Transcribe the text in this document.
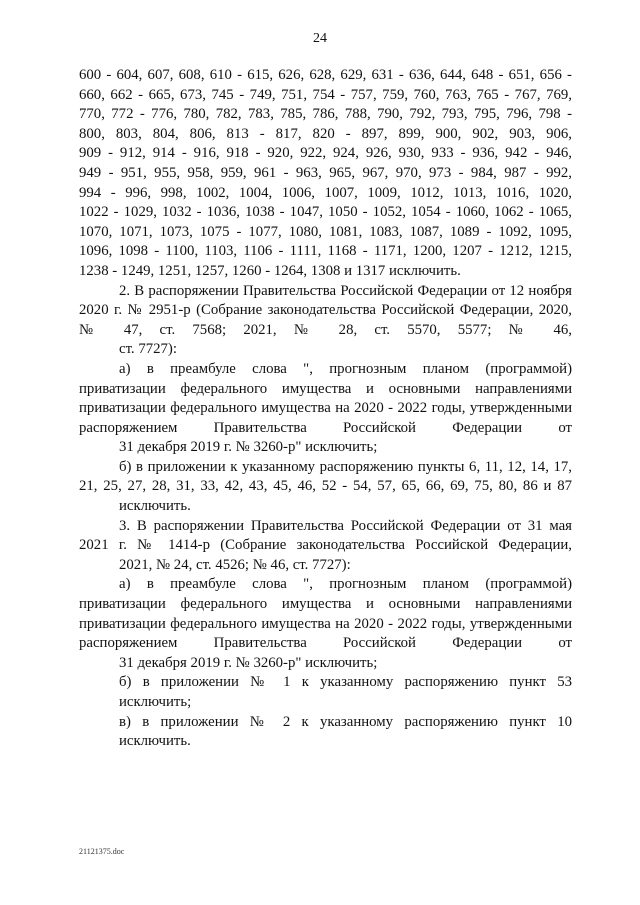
24
600 - 604, 607, 608, 610 - 615, 626, 628, 629, 631 - 636, 644, 648 - 651, 656 -
660, 662 - 665, 673, 745 - 749, 751, 754 - 757, 759, 760, 763, 765 - 767, 769,
770, 772 - 776, 780, 782, 783, 785, 786, 788, 790, 792, 793, 795, 796, 798 -
800, 803, 804, 806, 813 - 817, 820 - 897, 899, 900, 902, 903, 906,
909 - 912, 914 - 916, 918 - 920, 922, 924, 926, 930, 933 - 936, 942 - 946,
949 - 951, 955, 958, 959, 961 - 963, 965, 967, 970, 973 - 984, 987 - 992,
994 - 996, 998, 1002, 1004, 1006, 1007, 1009, 1012, 1013, 1016, 1020,
1022 - 1029, 1032 - 1036, 1038 - 1047, 1050 - 1052, 1054 - 1060, 1062 - 1065,
1070, 1071, 1073, 1075 - 1077, 1080, 1081, 1083, 1087, 1089 - 1092, 1095,
1096, 1098 - 1100, 1103, 1106 - 1111, 1168 - 1171, 1200, 1207 - 1212, 1215,
1238 - 1249, 1251, 1257, 1260 - 1264, 1308 и 1317 исключить.
2. В распоряжении Правительства Российской Федерации от 12 ноября 2020 г. № 2951-р (Собрание законодательства Российской Федерации, 2020, № 47, ст. 7568; 2021, № 28, ст. 5570, 5577; № 46,
ст. 7727):
а) в преамбуле слова ", прогнозным планом (программой) приватизации федерального имущества и основными направлениями приватизации федерального имущества на 2020 - 2022 годы, утвержденными распоряжением Правительства Российской Федерации от
31 декабря 2019 г. № 3260-р" исключить;
б) в приложении к указанному распоряжению пункты 6, 11, 12, 14, 17, 21, 25, 27, 28, 31, 33, 42, 43, 45, 46, 52 - 54, 57, 65, 66, 69, 75, 80, 86 и 87
исключить.
3. В распоряжении Правительства Российской Федерации от 31 мая 2021 г. № 1414-р (Собрание законодательства Российской Федерации,
2021, № 24, ст. 4526; № 46, ст. 7727):
а) в преамбуле слова ", прогнозным планом (программой) приватизации федерального имущества и основными направлениями приватизации федерального имущества на 2020 - 2022 годы, утвержденными распоряжением Правительства Российской Федерации от
31 декабря 2019 г. № 3260-р" исключить;
б) в приложении № 1 к указанному распоряжению пункт 53
исключить;
в) в приложении № 2 к указанному распоряжению пункт 10
исключить.
21121375.doc
